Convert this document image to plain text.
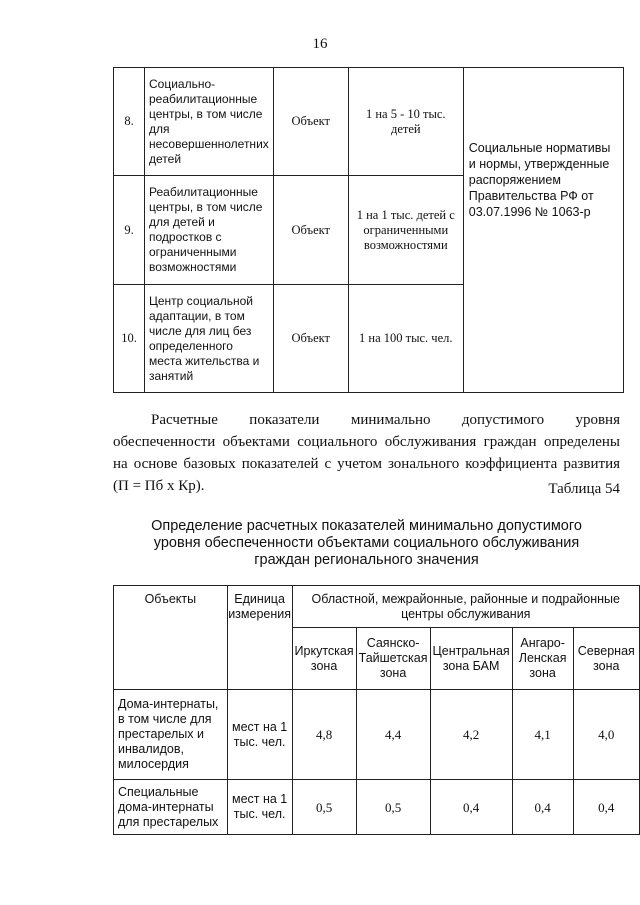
16
8.	Социально-реабилитационные центры, в том числе для несовершеннолетних детей	Объект	1 на 5 - 10 тыс. детей	Социальные нормативы и нормы, утвержденные распоряжением Правительства РФ от 03.07.1996 № 1063-р
9.	Реабилитационные центры, в том числе для детей и подростков с ограниченными возможностями	Объект	1 на 1 тыс. детей с ограниченными возможностями	
10.	Центр социальной адаптации, в том числе для лиц без определенного места жительства и занятий	Объект	1 на 100 тыс. чел.	
Расчетные показатели минимально допустимого уровня
обеспеченности объектами социального обслуживания граждан определены на основе базовых показателей с учетом зонального коэффициента развития (П = Пб х Кр).	Таблица 54
Определение расчетных показателей минимально допустимого
уровня обеспеченности объектами социального обслуживания
граждан регионального значения
Объекты	Единица измерения	Областной, межрайонные, районные и подрайонные центры обслуживания				
		Иркутская зона	Саянско-Тайшетская зона	Центральная зона БАМ	Ангаро-Ленская зона	Северная зона
Дома-интернаты, в том числе для престарелых и инвалидов, милосердия	мест на 1 тыс. чел.	4,8	4,4	4,2	4,1	4,0
Специальные дома-интернаты для престарелых	мест на 1 тыс. чел.	0,5	0,5	0,4	0,4	0,4
